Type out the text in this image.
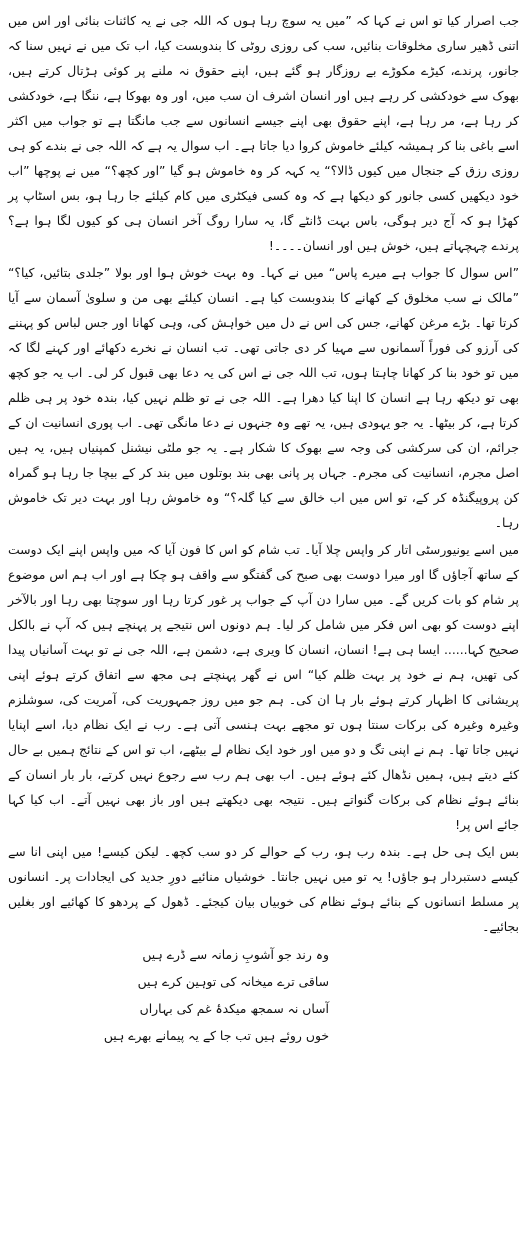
جب اصرار کیا تو اس نے کہا کہ ”میں یہ سوچ رہا ہوں کہ اللہ جی نے یہ کائنات بنائی اور اس میں اتنی ڈھیر ساری مخلوقات بنائیں، سب کی روزی روٹی کا بندوبست کیا، اب تک میں نے نہیں سنا کہ جانور، پرندے، کیڑے مکوڑے بے روزگار ہو گئے ہیں، اپنے حقوق نہ ملنے پر کوئی ہڑتال کرتے ہیں، بھوک سے خودکشی کر رہے ہیں اور انسان اشرف ان سب میں، اور وہ بھوکا ہے، ننگا ہے، خودکشی کر رہا ہے، مر رہا ہے، اپنے حقوق بھی اپنے جیسے انسانوں سے جب مانگتا ہے تو جواب میں اکثر اسے باغی بنا کر ہمیشہ کیلئے خاموش کروا دیا جاتا ہے۔ اب سوال یہ ہے کہ اللہ جی نے بندے کو ہی روزی رزق کے جنجال میں کیوں ڈالا؟“ یہ کہہ کر وہ خاموش ہو گیا ”اور کچھ؟“ میں نے پوچھا ”اب خود دیکھیں کسی جانور کو دیکھا ہے کہ وہ کسی فیکٹری میں کام کیلئے جا رہا ہو، بس اسٹاپ پر کھڑا ہو کہ آج دیر ہوگی، باس بہت ڈانٹے گا، یہ سارا روگ آخر انسان ہی کو کیوں لگا ہوا ہے؟ پرندے چہچہاتے ہیں، خوش ہیں اور انسان۔۔۔۔!

”اس سوال کا جواب ہے میرے پاس“ میں نے کہا۔ وہ بہت خوش ہوا اور بولا ”جلدی بتائیں، کیا؟“ ”مالک نے سب مخلوق کے کھانے کا بندوبست کیا ہے۔ انسان کیلئے بھی من و سلویٰ آسمان سے آیا کرتا تھا۔ بڑے مرغن کھانے، جس کی اس نے دل میں خواہش کی، وہی کھانا اور جس لباس کو پہننے کی آرزو کی فوراً آسمانوں سے مہیا کر دی جاتی تھی۔ تب انسان نے نخرے دکھائے اور کہنے لگا کہ میں تو خود بنا کر کھانا چاہتا ہوں، تب اللہ جی نے اس کی یہ دعا بھی قبول کر لی۔ اب یہ جو کچھ بھی تو دیکھ رہا ہے انسان کا اپنا کیا دھرا ہے۔ اللہ جی نے تو ظلم نہیں کیا، بندہ خود پر ہی ظلم کرتا ہے، کر بیٹھا۔ یہ جو یہودی ہیں، یہ تھے وہ جنہوں نے دعا مانگی تھی۔ اب پوری انسانیت ان کے جرائم، ان کی سرکشی کی وجہ سے بھوک کا شکار ہے۔ یہ جو ملٹی نیشنل کمپنیاں ہیں، یہ ہیں اصل مجرم، انسانیت کی مجرم۔ جہاں پر پانی بھی بند بوتلوں میں بند کر کے بیچا جا رہا ہو گمراہ کن پروپیگنڈہ کر کے، تو اس میں اب خالق سے کیا گلہ؟“ وہ خاموش رہا اور بہت دیر تک خاموش رہا۔

میں اسے یونیورسٹی اتار کر واپس چلا آیا۔ تب شام کو اس کا فون آیا کہ میں واپس اپنے ایک دوست کے ساتھ آجاؤں گا اور میرا دوست بھی صبح کی گفتگو سے واقف ہو چکا ہے اور اب ہم اس موضوع پر شام کو بات کریں گے۔ میں سارا دن آپ کے جواب پر غور کرتا رہا اور سوچتا بھی رہا اور بالآخر اپنے دوست کو بھی اس فکر میں شامل کر لیا۔ ہم دونوں اس نتیجے پر پہنچے ہیں کہ آپ نے بالکل صحیح کہا...... ایسا ہی ہے! انسان، انسان کا ویری ہے، دشمن ہے، اللہ جی نے تو بہت آسانیاں پیدا کی تھیں، ہم نے خود پر بہت ظلم کیا“ اس نے گھر پہنچتے ہی مجھ سے اتفاق کرتے ہوئے اپنی پریشانی کا اظہار کرتے ہوئے بار ہا ان کی۔ ہم جو میں روز جمہوریت کی، آمریت کی، سوشلزم وغیرہ وغیرہ کی برکات سنتا ہوں تو مجھے بہت ہنسی آتی ہے۔ رب نے ایک نظام دیا، اسے اپنایا نہیں جاتا تھا۔ ہم نے اپنی تگ و دو میں اور خود ایک نظام لے بیٹھے، اب تو اس کے نتائج ہمیں بے حال کئے دیتے ہیں، ہمیں نڈھال کئے ہوئے ہیں۔ اب بھی ہم رب سے رجوع نہیں کرتے، بار بار انسان کے بنائے ہوئے نظام کی برکات گنواتے ہیں۔ نتیجہ بھی دیکھتے ہیں اور باز بھی نہیں آتے۔ اب کیا کہا جائے اس پر!

بس ایک ہی حل ہے۔ بندہ رب ہو، رب کے حوالے کر دو سب کچھ۔ لیکن کیسے! میں اپنی انا سے کیسے دستبردار ہو جاؤں! یہ تو میں نہیں جانتا۔ خوشیاں منائیے دورِ جدید کی ایجادات پر۔ انسانوں پر مسلط انسانوں کے بنائے ہوئے نظام کی خوبیاں بیان کیجئے۔ ڈھول کے پردھو کا کھائیے اور بغلیں بجائیے۔

وہ رند جو آشوبِ زمانہ سے ڈرے ہیں

ساقی ترے میخانہ کی توہین کرے ہیں

آساں نہ سمجھ میکدۂ غم کی بہاراں

خوں روئے ہیں تب جا کے یہ پیمانے بھرے ہیں
